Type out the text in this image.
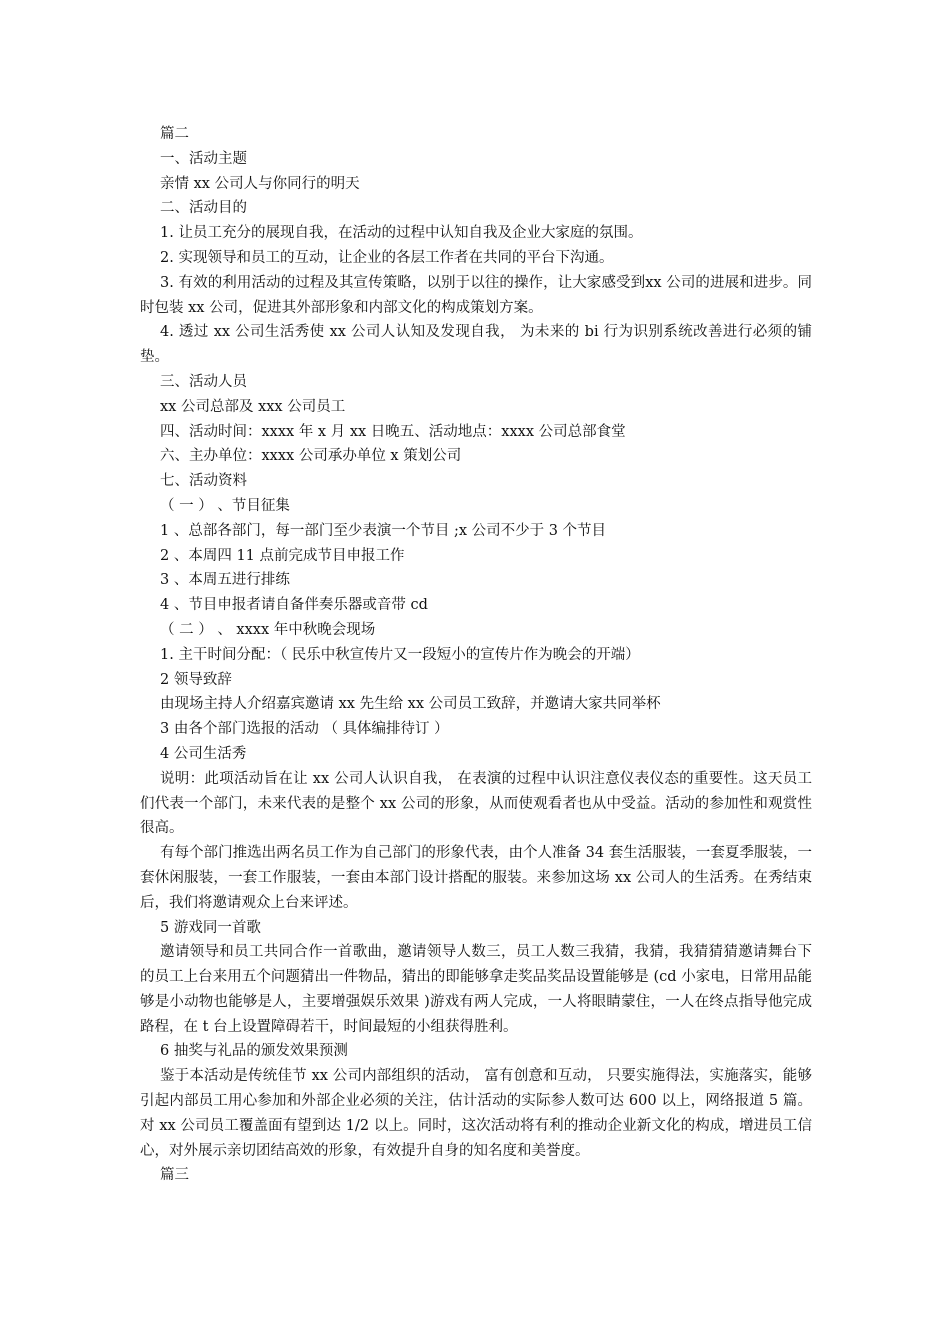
篇二
一、活动主题
亲情 xx 公司人与你同行的明天
二、活动目的
1. 让员工充分的展现自我，在活动的过程中认知自我及企业大家庭的氛围。
2. 实现领导和员工的互动，让企业的各层工作者在共同的平台下沟通。
3. 有效的利用活动的过程及其宣传策略，以别于以往的操作，让大家感受到xx 公司的进展和进步。同时包装 xx 公司，促进其外部形象和内部文化的构成策划方案。
4. 透过 xx 公司生活秀使 xx 公司人认知及发现自我， 为未来的 bi 行为识别系统改善进行必须的铺垫。
三、活动人员
xx 公司总部及 xxx 公司员工
四、活动时间：xxxx 年 x 月 xx 日晚五、活动地点：xxxx 公司总部食堂
六、主办单位：xxxx 公司承办单位 x 策划公司
七、活动资料
（ 一 ） 、节目征集
1 、总部各部门，每一部门至少表演一个节目 ;x 公司不少于 3 个节目
2 、本周四 11 点前完成节目申报工作
3 、本周五进行排练
4 、节目申报者请自备伴奏乐器或音带 cd
（ 二 ） 、 xxxx 年中秋晚会现场
1. 主干时间分配：（ 民乐中秋宣传片又一段短小的宣传片作为晚会的开端）
2 领导致辞
由现场主持人介绍嘉宾邀请 xx 先生给 xx 公司员工致辞，并邀请大家共同举杯
3 由各个部门选报的活动 （ 具体编排待订 ）
4 公司生活秀
说明：此项活动旨在让 xx 公司人认识自我， 在表演的过程中认识注意仪表仪态的重要性。这天员工们代表一个部门，未来代表的是整个 xx 公司的形象，从而使观看者也从中受益。活动的参加性和观赏性很高。
有每个部门推选出两名员工作为自己部门的形象代表，由个人准备 34 套生活服装，一套夏季服装，一套休闲服装，一套工作服装，一套由本部门设计搭配的服装。来参加这场 xx 公司人的生活秀。在秀结束后，我们将邀请观众上台来评述。
5 游戏同一首歌
邀请领导和员工共同合作一首歌曲，邀请领导人数三，员工人数三我猜，我猜，我猜猜猜邀请舞台下的员工上台来用五个问题猜出一件物品，猜出的即能够拿走奖品奖品设置能够是 (cd 小家电，日常用品能够是小动物也能够是人，主要增强娱乐效果 )游戏有两人完成，一人将眼睛蒙住，一人在终点指导他完成路程，在 t 台上设置障碍若干，时间最短的小组获得胜利。
6 抽奖与礼品的颁发效果预测
鉴于本活动是传统佳节 xx 公司内部组织的活动， 富有创意和互动， 只要实施得法，实施落实，能够引起内部员工用心参加和外部企业必须的关注，估计活动的实际参人数可达 600 以上，网络报道 5 篇。对 xx 公司员工覆盖面有望到达 1/2 以上。同时，这次活动将有利的推动企业新文化的构成，增进员工信心，对外展示亲切团结高效的形象，有效提升自身的知名度和美誉度。
篇三
